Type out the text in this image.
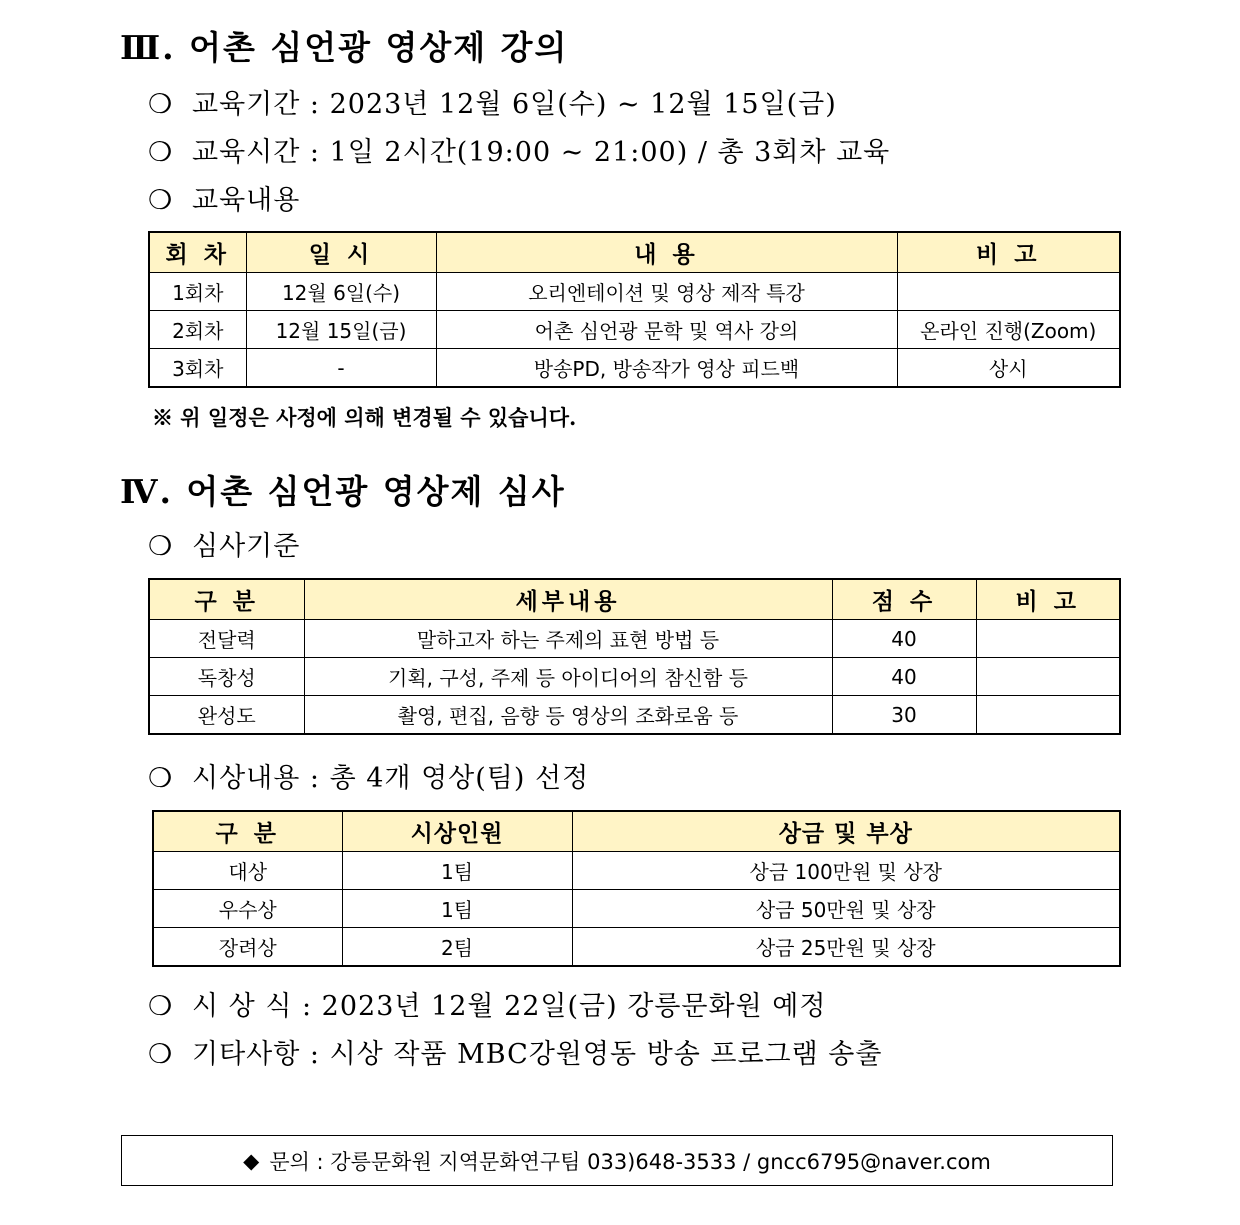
Ⅲ. 어촌 심언광 영상제 강의
❍ 교육기간 : 2023년 12월 6일(수) ~ 12월 15일(금)
❍ 교육시간 : 1일 2시간(19:00 ~ 21:00) / 총 3회차 교육
❍ 교육내용
회 차	일 시	내 용	비 고
1회차	12월 6일(수)	오리엔테이션 및 영상 제작 특강	
2회차	12월 15일(금)	어촌 심언광 문학 및 역사 강의	온라인 진행(Zoom)
3회차	-	방송PD, 방송작가 영상 피드백	상시
※ 위 일정은 사정에 의해 변경될 수 있습니다.
Ⅳ. 어촌 심언광 영상제 심사
❍ 심사기준
구 분	세부내용	점 수	비 고
전달력	말하고자 하는 주제의 표현 방법 등	40	
독창성	기획, 구성, 주제 등 아이디어의 참신함 등	40	
완성도	촬영, 편집, 음향 등 영상의 조화로움 등	30	
❍ 시상내용 : 총 4개 영상(팀) 선정
구 분	시상인원	상금 및 부상
대상	1팀	상금 100만원 및 상장
우수상	1팀	상금 50만원 및 상장
장려상	2팀	상금 25만원 및 상장
❍ 시 상 식 : 2023년 12월 22일(금) 강릉문화원 예정
❍ 기타사항 : 시상 작품 MBC강원영동 방송 프로그램 송출
◆ 문의 : 강릉문화원 지역문화연구팀 033)648-3533 / gncc6795@naver.com
